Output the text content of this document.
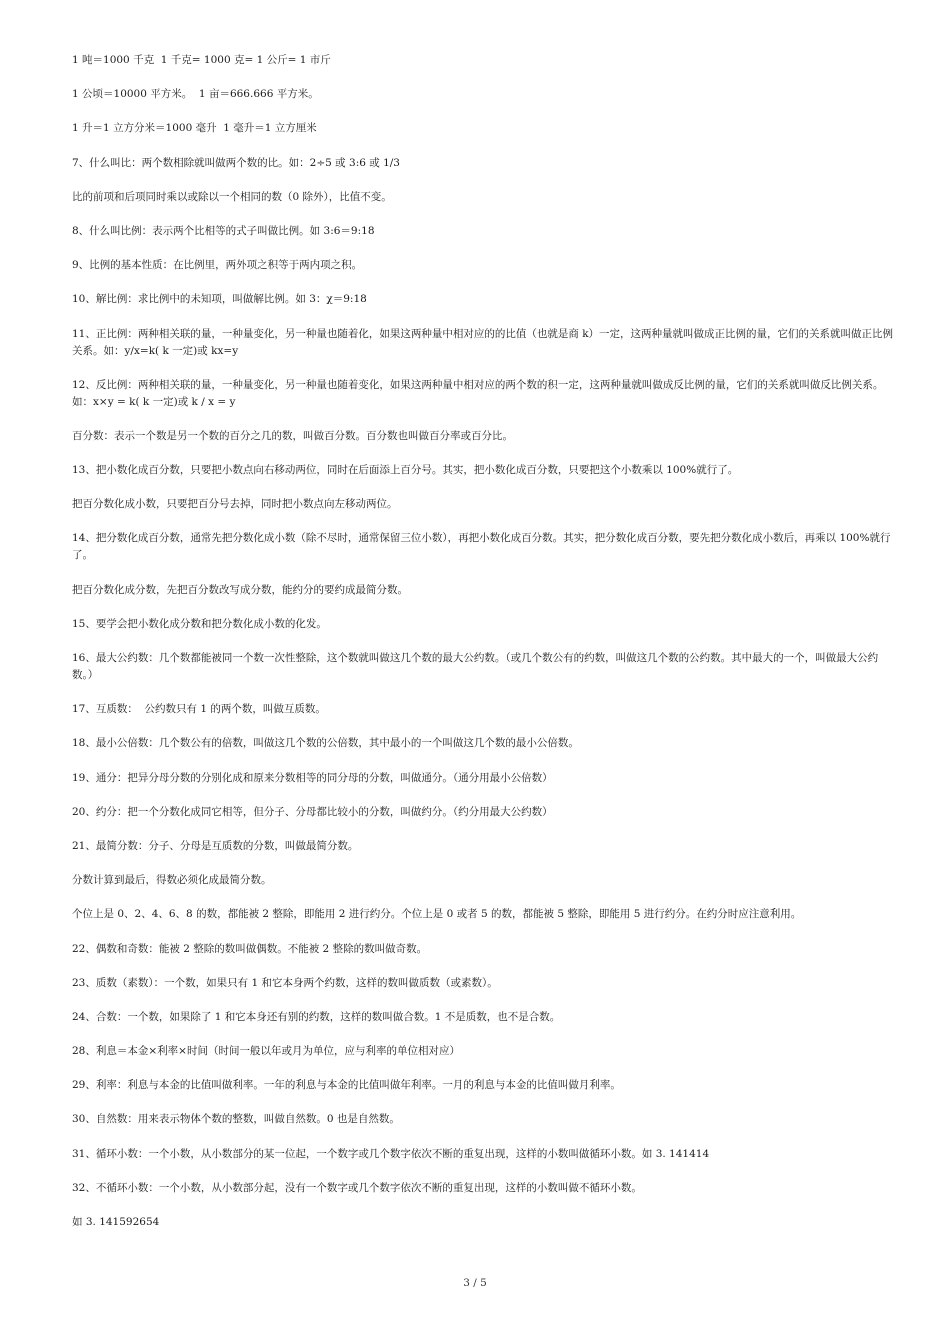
1 吨＝1000 千克  1 千克= 1000 克= 1 公斤= 1 市斤

1 公顷＝10000 平方米。  1 亩＝666.666 平方米。

1 升＝1 立方分米＝1000 毫升  1 毫升＝1 立方厘米

7、什么叫比：两个数相除就叫做两个数的比。如：2÷5 或 3:6 或 1/3

比的前项和后项同时乘以或除以一个相同的数（0 除外），比值不变。

8、什么叫比例：表示两个比相等的式子叫做比例。如 3:6＝9:18

9、比例的基本性质：在比例里，两外项之积等于两内项之积。

10、解比例：求比例中的未知项，叫做解比例。如 3：χ＝9:18

11、正比例：两种相关联的量，一种量变化，另一种量也随着化，如果这两种量中相对应的的比值（也就是商 k）一定，这两种量就叫做成正比例的量，它们的关系就叫做正比例关系。如：y/x=k( k 一定)或 kx=y

12、反比例：两种相关联的量，一种量变化，另一种量也随着变化，如果这两种量中相对应的两个数的积一定，这两种量就叫做成反比例的量，它们的关系就叫做反比例关系。如：x×y = k( k 一定)或 k / x = y

百分数：表示一个数是另一个数的百分之几的数，叫做百分数。百分数也叫做百分率或百分比。

13、把小数化成百分数，只要把小数点向右移动两位，同时在后面添上百分号。其实，把小数化成百分数，只要把这个小数乘以 100%就行了。

把百分数化成小数，只要把百分号去掉，同时把小数点向左移动两位。

14、把分数化成百分数，通常先把分数化成小数（除不尽时，通常保留三位小数），再把小数化成百分数。其实，把分数化成百分数，要先把分数化成小数后，再乘以 100%就行了。

把百分数化成分数，先把百分数改写成分数，能约分的要约成最简分数。

15、要学会把小数化成分数和把分数化成小数的化发。

16、最大公约数：几个数都能被同一个数一次性整除，这个数就叫做这几个数的最大公约数。（或几个数公有的约数，叫做这几个数的公约数。其中最大的一个，叫做最大公约数。）

17、互质数：  公约数只有 1 的两个数，叫做互质数。

18、最小公倍数：几个数公有的倍数，叫做这几个数的公倍数，其中最小的一个叫做这几个数的最小公倍数。

19、通分：把异分母分数的分别化成和原来分数相等的同分母的分数，叫做通分。（通分用最小公倍数）

20、约分：把一个分数化成同它相等，但分子、分母都比较小的分数，叫做约分。（约分用最大公约数）

21、最简分数：分子、分母是互质数的分数，叫做最简分数。

分数计算到最后，得数必须化成最简分数。

个位上是 0、2、4、6、8 的数，都能被 2 整除，即能用 2 进行约分。个位上是 0 或者 5 的数，都能被 5 整除，即能用 5 进行约分。在约分时应注意利用。

22、偶数和奇数：能被 2 整除的数叫做偶数。不能被 2 整除的数叫做奇数。

23、质数（素数）：一个数，如果只有 1 和它本身两个约数，这样的数叫做质数（或素数）。

24、合数：一个数，如果除了 1 和它本身还有别的约数，这样的数叫做合数。1 不是质数，也不是合数。

28、利息＝本金×利率×时间（时间一般以年或月为单位，应与利率的单位相对应）

29、利率：利息与本金的比值叫做利率。一年的利息与本金的比值叫做年利率。一月的利息与本金的比值叫做月利率。

30、自然数：用来表示物体个数的整数，叫做自然数。0 也是自然数。

31、循环小数：一个小数，从小数部分的某一位起，一个数字或几个数字依次不断的重复出现，这样的小数叫做循环小数。如 3. 141414

32、不循环小数：一个小数，从小数部分起，没有一个数字或几个数字依次不断的重复出现，这样的小数叫做不循环小数。

如 3. 141592654

3 / 5
